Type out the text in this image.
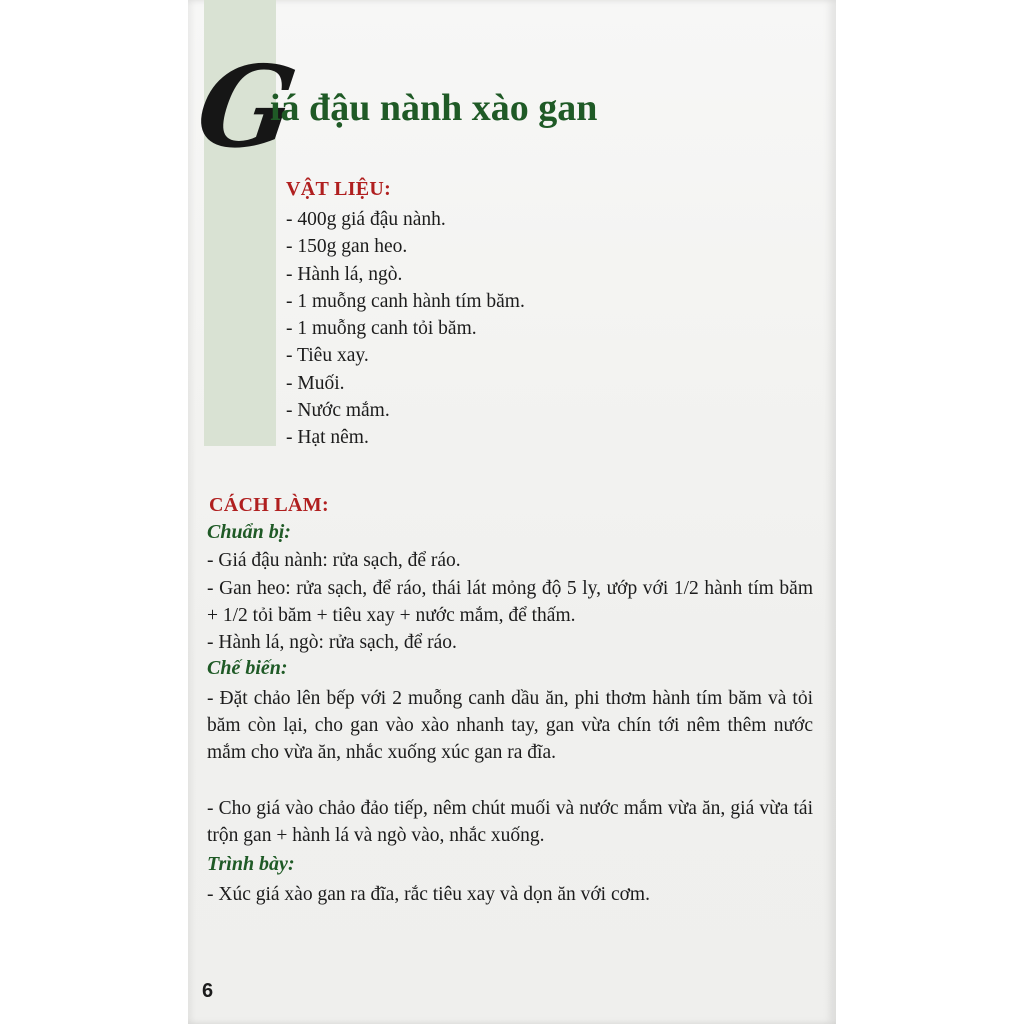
G
iá đậu nành xào gan
VẬT LIỆU:
- 400g giá đậu nành.
- 150g gan heo.
- Hành lá, ngò.
- 1 muỗng canh hành tím băm.
- 1 muỗng canh tỏi băm.
- Tiêu xay.
- Muối.
- Nước mắm.
- Hạt nêm.
CÁCH LÀM:
Chuẩn bị:

- Giá đậu nành: rửa sạch, để ráo.

- Gan heo: rửa sạch, để ráo, thái lát mỏng độ 5 ly, ướp với 1/2 hành tím băm + 1/2 tỏi băm + tiêu xay + nước mắm, để thấm.

- Hành lá, ngò: rửa sạch, để ráo.

Chế biến:

- Đặt chảo lên bếp với 2 muỗng canh dầu ăn, phi thơm hành tím băm và tỏi băm còn lại, cho gan vào xào nhanh tay, gan vừa chín tới nêm thêm nước mắm cho vừa ăn, nhắc xuống xúc gan ra đĩa.

- Cho giá vào chảo đảo tiếp, nêm chút muối và nước mắm vừa ăn, giá vừa tái trộn gan + hành lá và ngò vào, nhắc xuống.

Trình bày:

- Xúc giá xào gan ra đĩa, rắc tiêu xay và dọn ăn với cơm.

6
